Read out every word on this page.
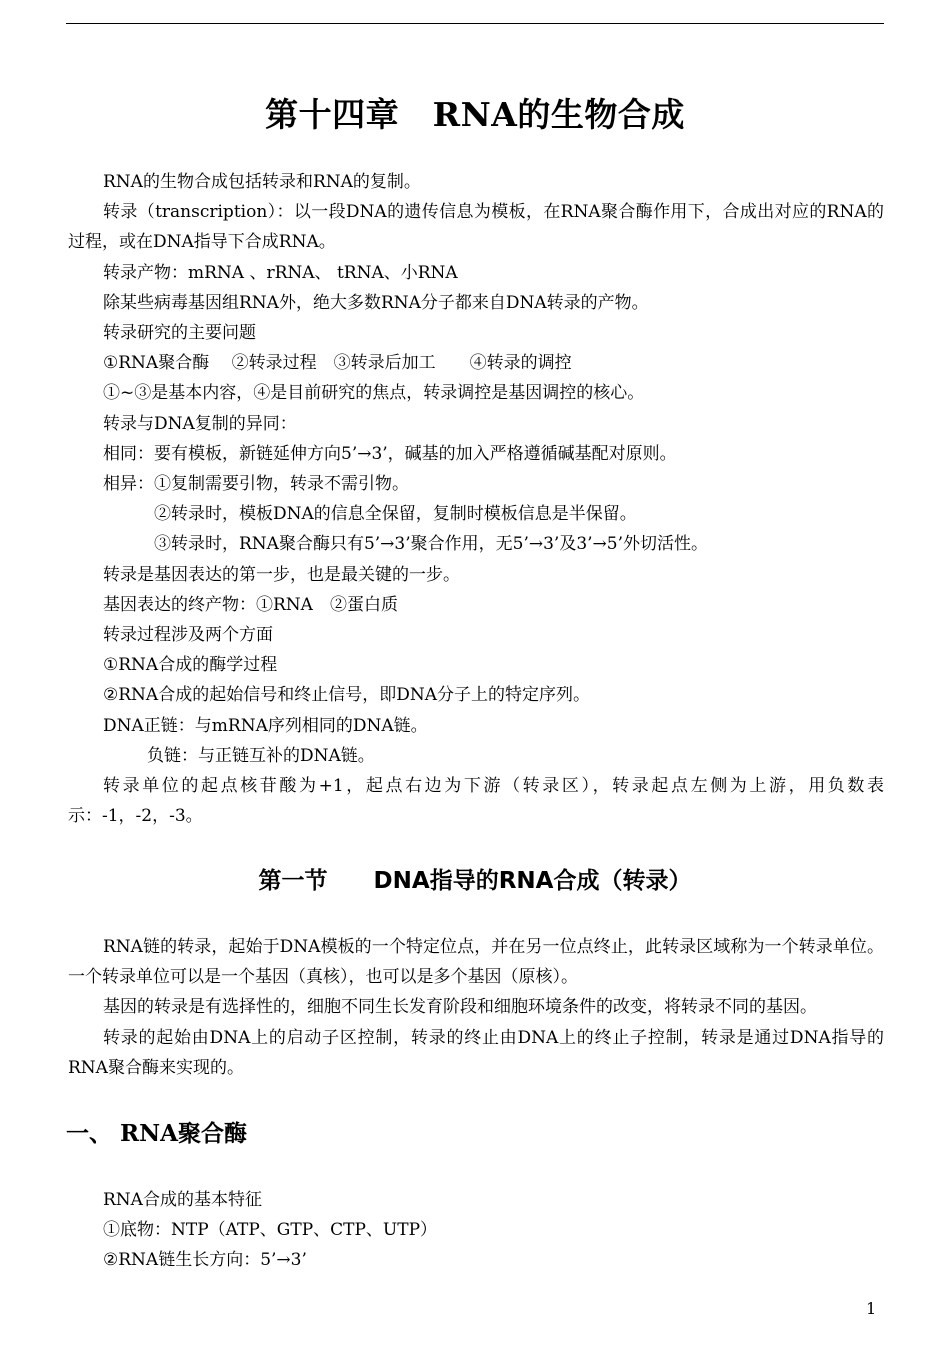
第十四章　RNA的生物合成

RNA的生物合成包括转录和RNA的复制。

转录（transcription）：以一段DNA的遗传信息为模板，在RNA聚合酶作用下，合成出对应的RNA的过程，或在DNA指导下合成RNA。

转录产物：mRNA 、rRNA、 tRNA、小RNA

除某些病毒基因组RNA外，绝大多数RNA分子都来自DNA转录的产物。

转录研究的主要问题

①RNA聚合酶　 ②转录过程　③转录后加工　　④转录的调控

①~③是基本内容，④是目前研究的焦点，转录调控是基因调控的核心。

转录与DNA复制的异同：

相同：要有模板，新链延伸方向5’→3’，碱基的加入严格遵循碱基配对原则。

相异：①复制需要引物，转录不需引物。

②转录时，模板DNA的信息全保留，复制时模板信息是半保留。

③转录时，RNA聚合酶只有5’→3’聚合作用，无5’→3’及3’→5’外切活性。

转录是基因表达的第一步，也是最关键的一步。

基因表达的终产物：①RNA　②蛋白质

转录过程涉及两个方面

①RNA合成的酶学过程

②RNA合成的起始信号和终止信号，即DNA分子上的特定序列。

DNA正链：与mRNA序列相同的DNA链。

负链：与正链互补的DNA链。

转录单位的起点核苷酸为+1，起点右边为下游（转录区），转录起点左侧为上游，用负数表示：-1，-2，-3。

第一节　　DNA指导的RNA合成（转录）

RNA链的转录，起始于DNA模板的一个特定位点，并在另一位点终止，此转录区域称为一个转录单位。一个转录单位可以是一个基因（真核），也可以是多个基因（原核）。

基因的转录是有选择性的，细胞不同生长发育阶段和细胞环境条件的改变，将转录不同的基因。

转录的起始由DNA上的启动子区控制，转录的终止由DNA上的终止子控制，转录是通过DNA指导的RNA聚合酶来实现的。

一、 RNA聚合酶

RNA合成的基本特征

①底物：NTP（ATP、GTP、CTP、UTP）

②RNA链生长方向：5’→3’

1
